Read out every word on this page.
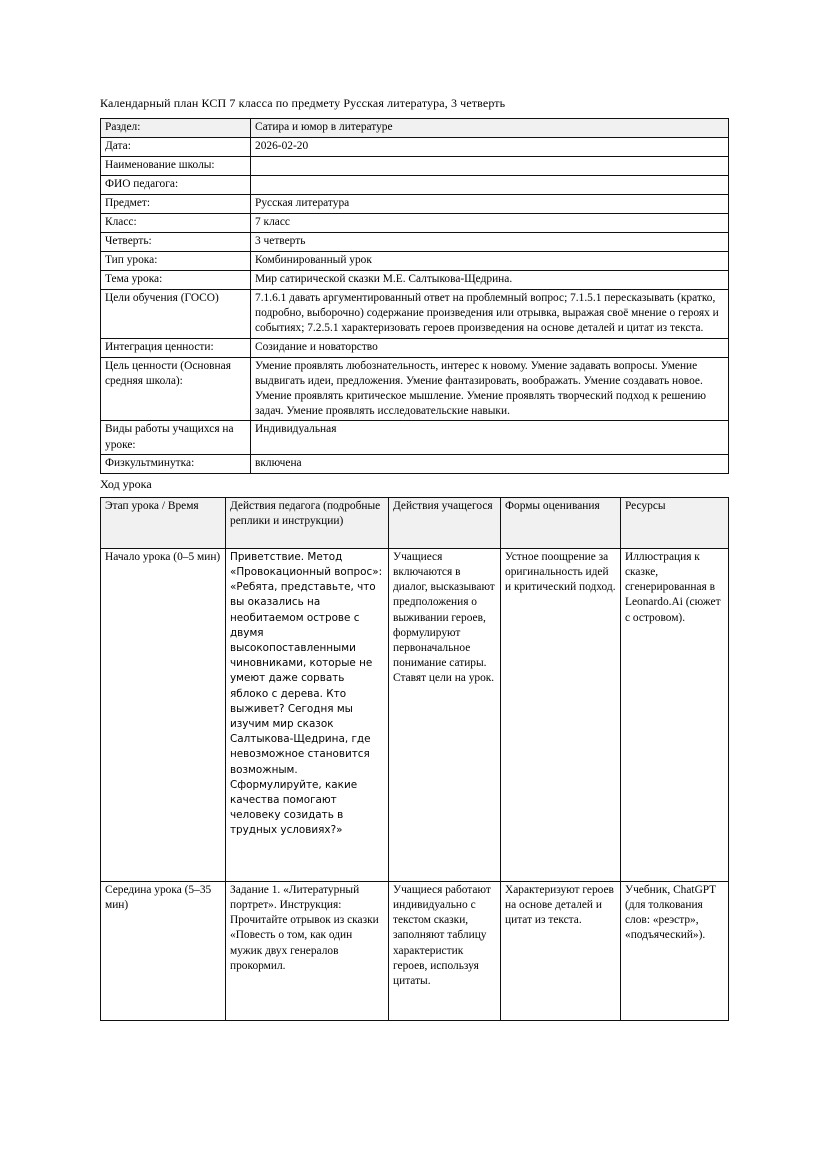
Календарный план КСП 7 класса по предмету Русская литература, 3 четверть

Раздел:	Сатира и юмор в литературе
Дата:	2026-02-20
Наименование школы:	
ФИО педагога:	
Предмет:	Русская литература
Класс:	7 класс
Четверть:	3 четверть
Тип урока:	Комбинированный урок
Тема урока:	Мир сатирической сказки М.Е. Салтыкова-Щедрина.
Цели обучения (ГОСО)	7.1.6.1 давать аргументированный ответ на проблемный вопрос; 7.1.5.1 пересказывать (кратко, подробно, выборочно) содержание произведения или отрывка, выражая своё мнение о героях и событиях; 7.2.5.1 характеризовать героев произведения на основе деталей и цитат из текста.
Интеграция ценности:	Созидание и новаторство
Цель ценности (Основная средняя школа):	Умение проявлять любознательность, интерес к новому. Умение задавать вопросы. Умение выдвигать идеи, предложения. Умение фантазировать, воображать. Умение создавать новое. Умение проявлять критическое мышление. Умение проявлять творческий подход к решению задач. Умение проявлять исследовательские навыки.
Виды работы учащихся на уроке:	Индивидуальная
Физкультминутка:	включена

Ход урока

Этап урока / Время	Действия педагога (подробные реплики и инструкции)	Действия учащегося	Формы оценивания	Ресурсы
Начало урока (0–5 мин)	Приветствие. Метод «Провокационный вопрос»: «Ребята, представьте, что вы оказались на необитаемом острове с двумя высокопоставленными чиновниками, которые не умеют даже сорвать яблоко с дерева. Кто выживет? Сегодня мы изучим мир сказок Салтыкова-Щедрина, где невозможное становится возможным. Сформулируйте, какие качества помогают человеку созидать в трудных условиях?»	Учащиеся включаются в диалог, высказывают предположения о выживании героев, формулируют первоначальное понимание сатиры. Ставят цели на урок.	Устное поощрение за оригинальность идей и критический подход.	Иллюстрация к сказке, сгенерированная в Leonardo.Ai (сюжет с островом).
Середина урока (5–35 мин)	Задание 1. «Литературный портрет». Инструкция: Прочитайте отрывок из сказки «Повесть о том, как один мужик двух генералов прокормил.	Учащиеся работают индивидуально с текстом сказки, заполняют таблицу характеристик героев, используя цитаты.	Характеризуют героев на основе деталей и цитат из текста.	Учебник, ChatGPT (для толкования слов: «реэстр», «подъяческий»).
